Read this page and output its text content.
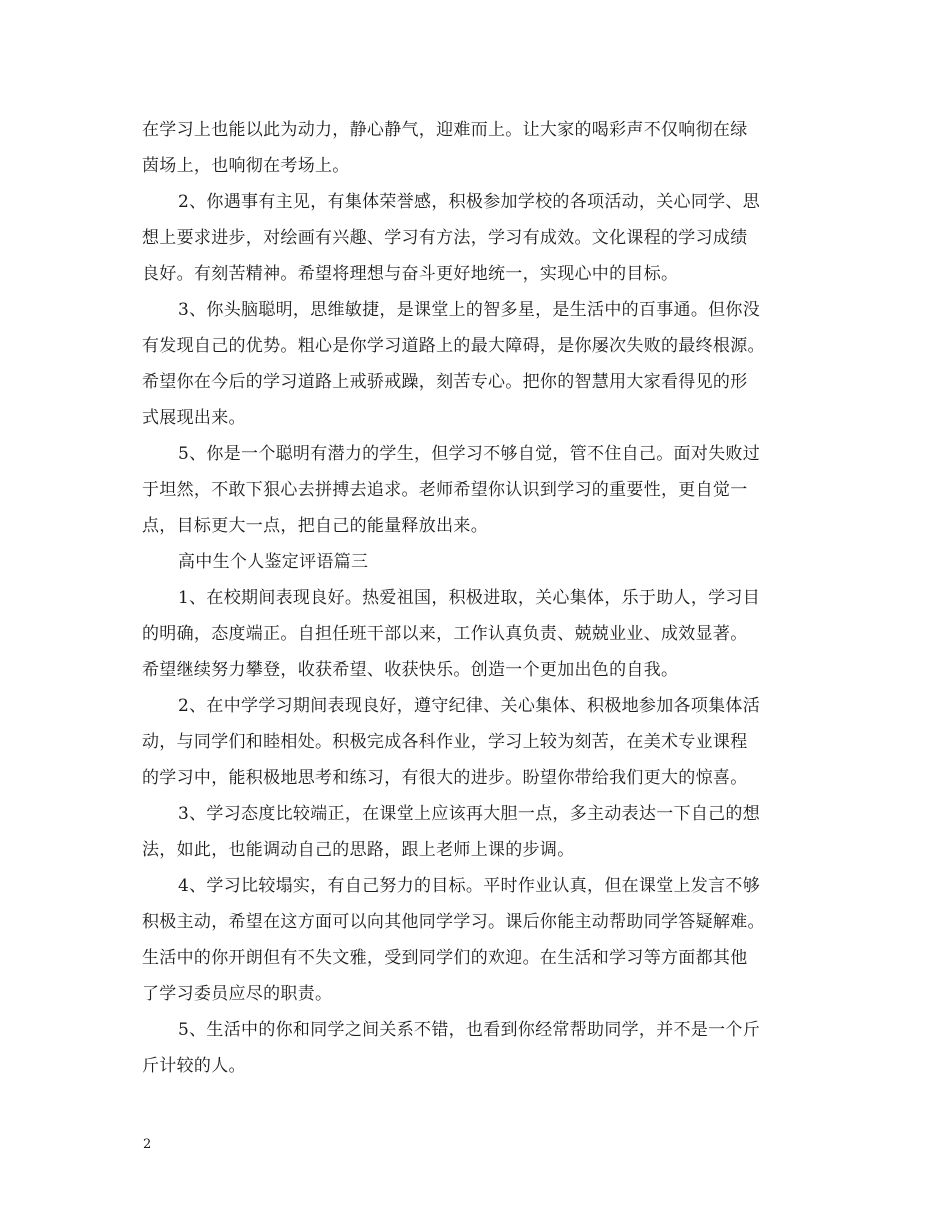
在学习上也能以此为动力，静心静气，迎难而上。让大家的喝彩声不仅响彻在绿
茵场上，也响彻在考场上。
2、你遇事有主见，有集体荣誉感，积极参加学校的各项活动，关心同学、思
想上要求进步，对绘画有兴趣、学习有方法，学习有成效。文化课程的学习成绩
良好。有刻苦精神。希望将理想与奋斗更好地统一，实现心中的目标。
3、你头脑聪明，思维敏捷，是课堂上的智多星，是生活中的百事通。但你没
有发现自己的优势。粗心是你学习道路上的最大障碍，是你屡次失败的最终根源。
希望你在今后的学习道路上戒骄戒躁，刻苦专心。把你的智慧用大家看得见的形
式展现出来。
5、你是一个聪明有潜力的学生，但学习不够自觉，管不住自己。面对失败过
于坦然，不敢下狠心去拼搏去追求。老师希望你认识到学习的重要性，更自觉一
点，目标更大一点，把自己的能量释放出来。
高中生个人鉴定评语篇三
1、在校期间表现良好。热爱祖国，积极进取，关心集体，乐于助人，学习目
的明确，态度端正。自担任班干部以来，工作认真负责、兢兢业业、成效显著。
希望继续努力攀登，收获希望、收获快乐。创造一个更加出色的自我。
2、在中学学习期间表现良好，遵守纪律、关心集体、积极地参加各项集体活
动，与同学们和睦相处。积极完成各科作业，学习上较为刻苦，在美术专业课程
的学习中，能积极地思考和练习，有很大的进步。盼望你带给我们更大的惊喜。
3、学习态度比较端正，在课堂上应该再大胆一点，多主动表达一下自己的想
法，如此，也能调动自己的思路，跟上老师上课的步调。
4、学习比较塌实，有自己努力的目标。平时作业认真，但在课堂上发言不够
积极主动，希望在这方面可以向其他同学学习。课后你能主动帮助同学答疑解难。
生活中的你开朗但有不失文雅，受到同学们的欢迎。在生活和学习等方面都其他
了学习委员应尽的职责。
5、生活中的你和同学之间关系不错，也看到你经常帮助同学，并不是一个斤
斤计较的人。

2
